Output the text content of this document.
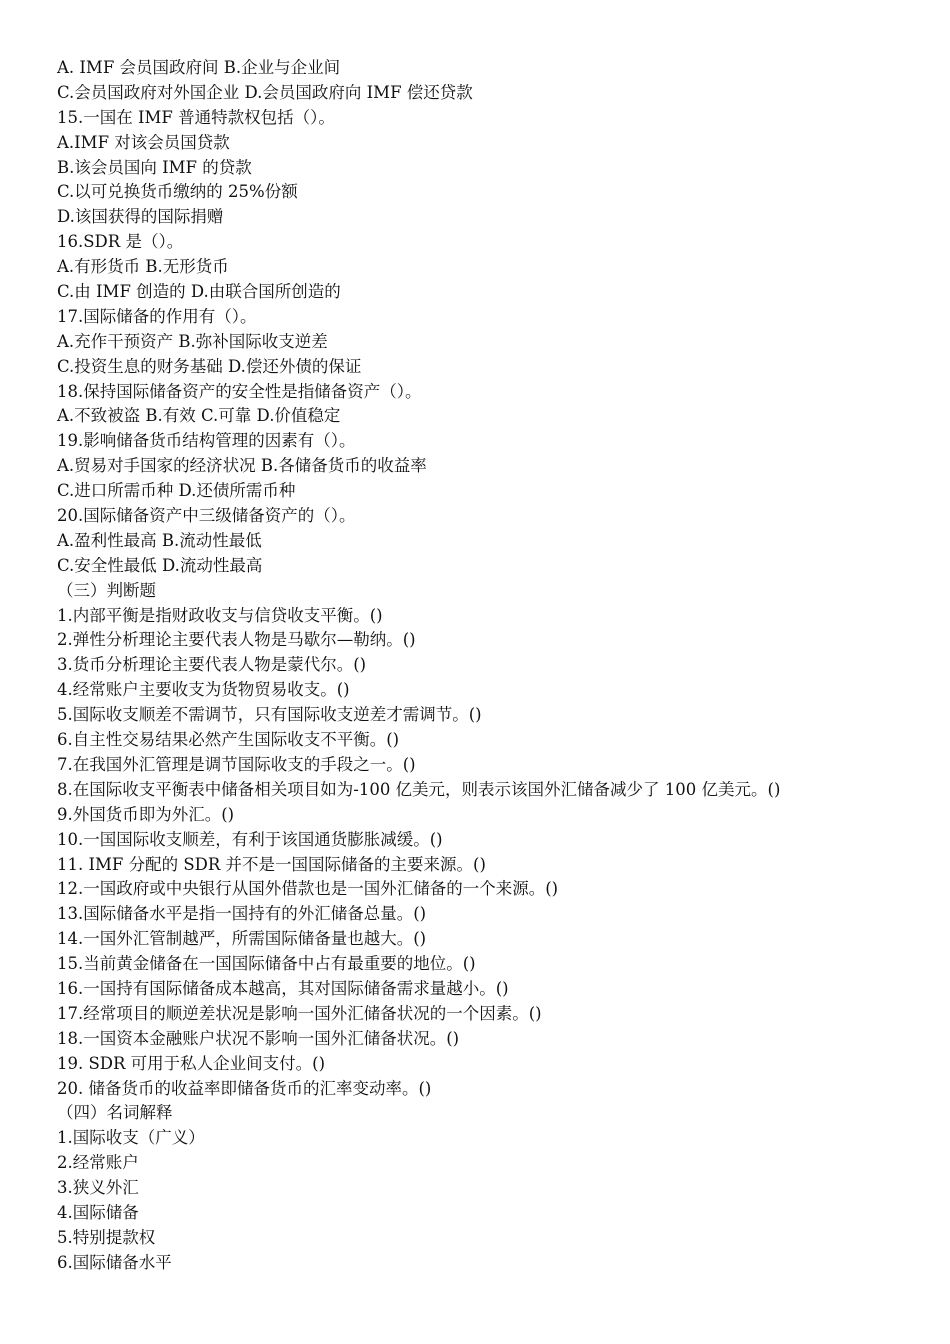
A. IMF 会员国政府间 B.企业与企业间
C.会员国政府对外国企业 D.会员国政府向 IMF 偿还贷款
15.一国在 IMF 普通特款权包括（）。
A.IMF 对该会员国贷款
B.该会员国向 IMF 的贷款
C.以可兑换货币缴纳的 25%份额
D.该国获得的国际捐赠
16.SDR 是（）。
A.有形货币 B.无形货币
C.由 IMF 创造的 D.由联合国所创造的
17.国际储备的作用有（）。
A.充作干预资产 B.弥补国际收支逆差
C.投资生息的财务基础 D.偿还外债的保证
18.保持国际储备资产的安全性是指储备资产（）。
A.不致被盗 B.有效 C.可靠 D.价值稳定
19.影响储备货币结构管理的因素有（）。
A.贸易对手国家的经济状况 B.各储备货币的收益率
C.进口所需币种 D.还债所需币种
20.国际储备资产中三级储备资产的（）。
A.盈利性最高 B.流动性最低
C.安全性最低 D.流动性最高
（三）判断题
1.内部平衡是指财政收支与信贷收支平衡。()
2.弹性分析理论主要代表人物是马歇尔—勒纳。()
3.货币分析理论主要代表人物是蒙代尔。()
4.经常账户主要收支为货物贸易收支。()
5.国际收支顺差不需调节，只有国际收支逆差才需调节。()
6.自主性交易结果必然产生国际收支不平衡。()
7.在我国外汇管理是调节国际收支的手段之一。()
8.在国际收支平衡表中储备相关项目如为-100 亿美元，则表示该国外汇储备减少了 100 亿美元。()
9.外国货币即为外汇。()
10.一国国际收支顺差，有利于该国通货膨胀减缓。()
11. IMF 分配的 SDR 并不是一国国际储备的主要来源。()
12.一国政府或中央银行从国外借款也是一国外汇储备的一个来源。()
13.国际储备水平是指一国持有的外汇储备总量。()
14.一国外汇管制越严，所需国际储备量也越大。()
15.当前黄金储备在一国国际储备中占有最重要的地位。()
16.一国持有国际储备成本越高，其对国际储备需求量越小。()
17.经常项目的顺逆差状况是影响一国外汇储备状况的一个因素。()
18.一国资本金融账户状况不影响一国外汇储备状况。()
19. SDR 可用于私人企业间支付。()
20. 储备货币的收益率即储备货币的汇率变动率。()
（四）名词解释
1.国际收支（广义）
2.经常账户
3.狭义外汇
4.国际储备
5.特别提款权
6.国际储备水平
